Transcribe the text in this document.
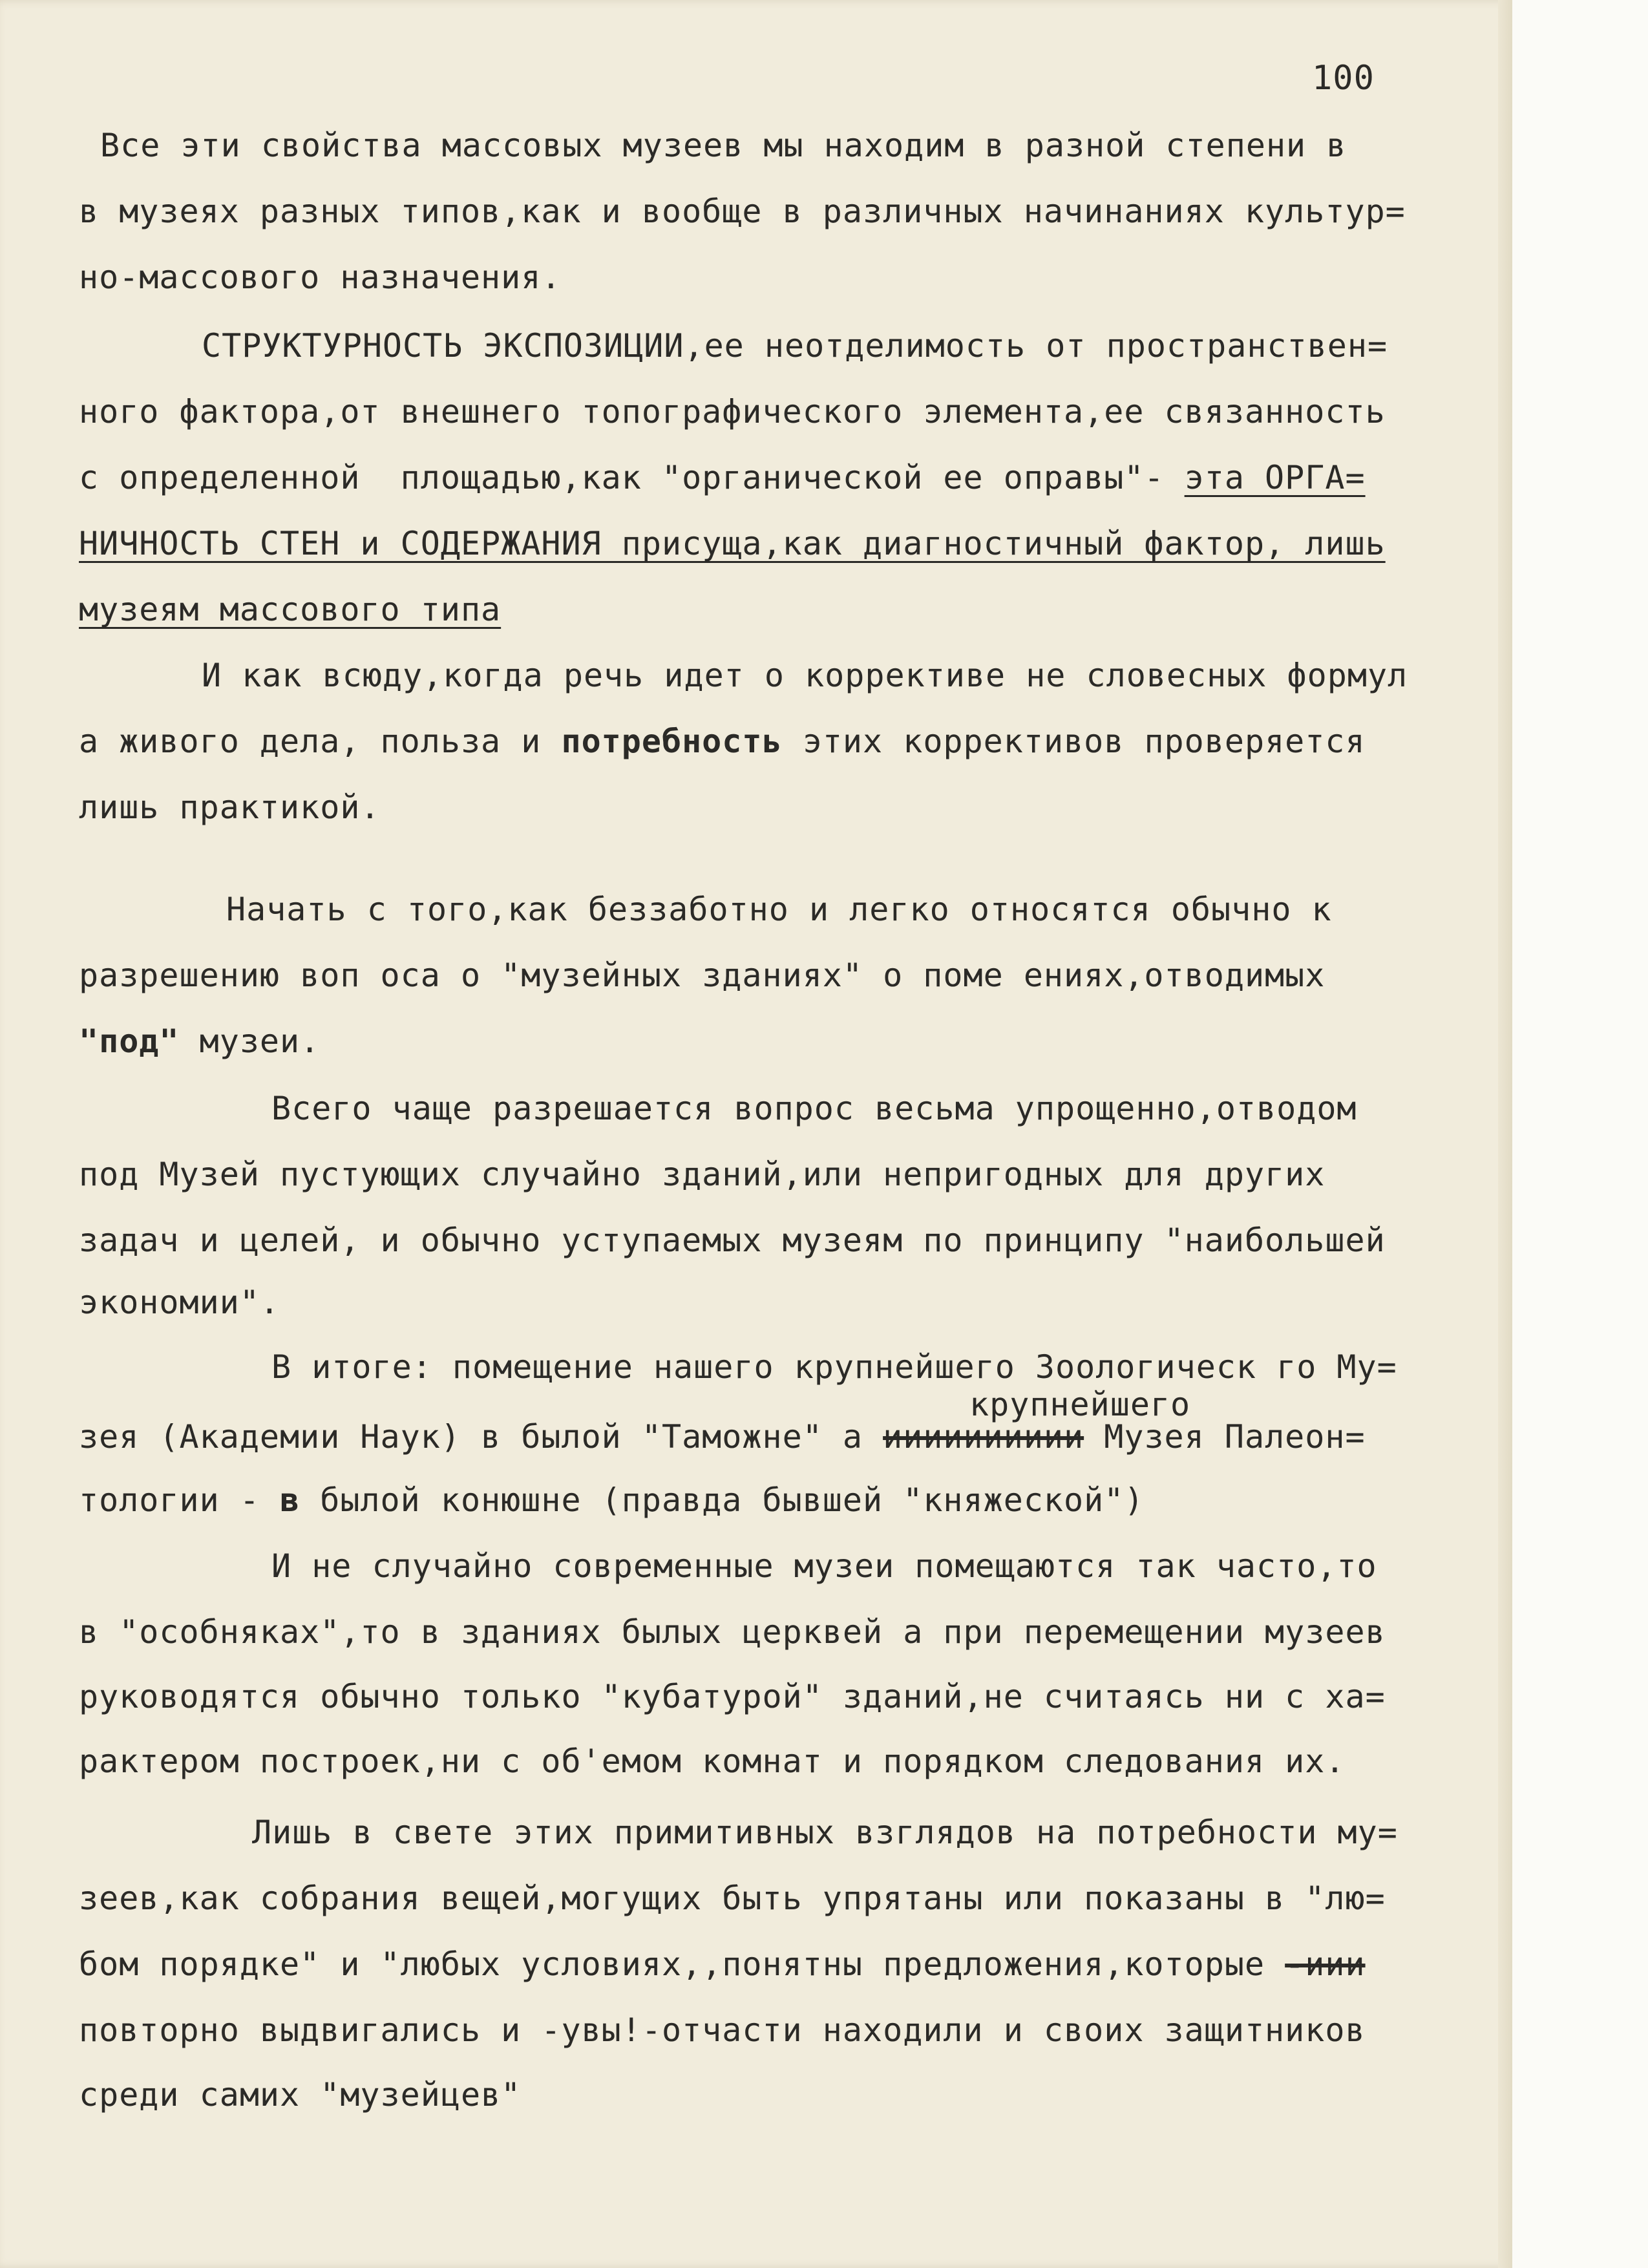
100
Все эти свойства массовых музеев мы находим в разной степени в
в музеях разных типов,как и вообще в различных начинаниях культур=
но-массового назначения.
СТРУКТУРНОСТЬ ЭКСПОЗИЦИИ,ее неотделимость от пространствен=
ного фактора,от внешнего топографического элемента,ее связанность
с определенной  площадью,как "органической ее оправы"- эта ОРГА=
НИЧНОСТЬ СТЕН и СОДЕРЖАНИЯ присуща,как диагностичный фактор, лишь
музеям массового типа
И как всюду,когда речь идет о коррективе не словесных формул
а живого дела, польза и потребность этих коррективов проверяется
лишь практикой.
Начать с того,как беззаботно и легко относятся обычно к
разрешению воп оса о "музейных зданиях" о поме ениях,отводимых
"под" музеи.
Всего чаще разрешается вопрос весьма упрощенно,отводом
под Музей пустующих случайно зданий,или непригодных для других
задач и целей, и обычно уступаемых музеям по принципу "наибольшей
экономии".
В итоге: помещение нашего крупнейшего Зоологическ го Му=
крупнейшего
зея (Академии Наук) в былой "Таможне" а ииииииииии Музея Палеон=
тологии - в былой конюшне (правда бывшей "княжеской")
И не случайно современные музеи помещаются так часто,то
в "особняках",то в зданиях былых церквей а при перемещении музеев
руководятся обычно только "кубатурой" зданий,не считаясь ни с ха=
рактером построек,ни с об'емом комнат и порядком следования их.
Лишь в свете этих примитивных взглядов на потребности му=
зеев,как собрания вещей,могущих быть упрятаны или показаны в "лю=
бом порядке" и "любых условиях,,понятны предложения,которые -иии
повторно выдвигались и -увы!-отчасти находили и своих защитников
среди самих "музейцев"
